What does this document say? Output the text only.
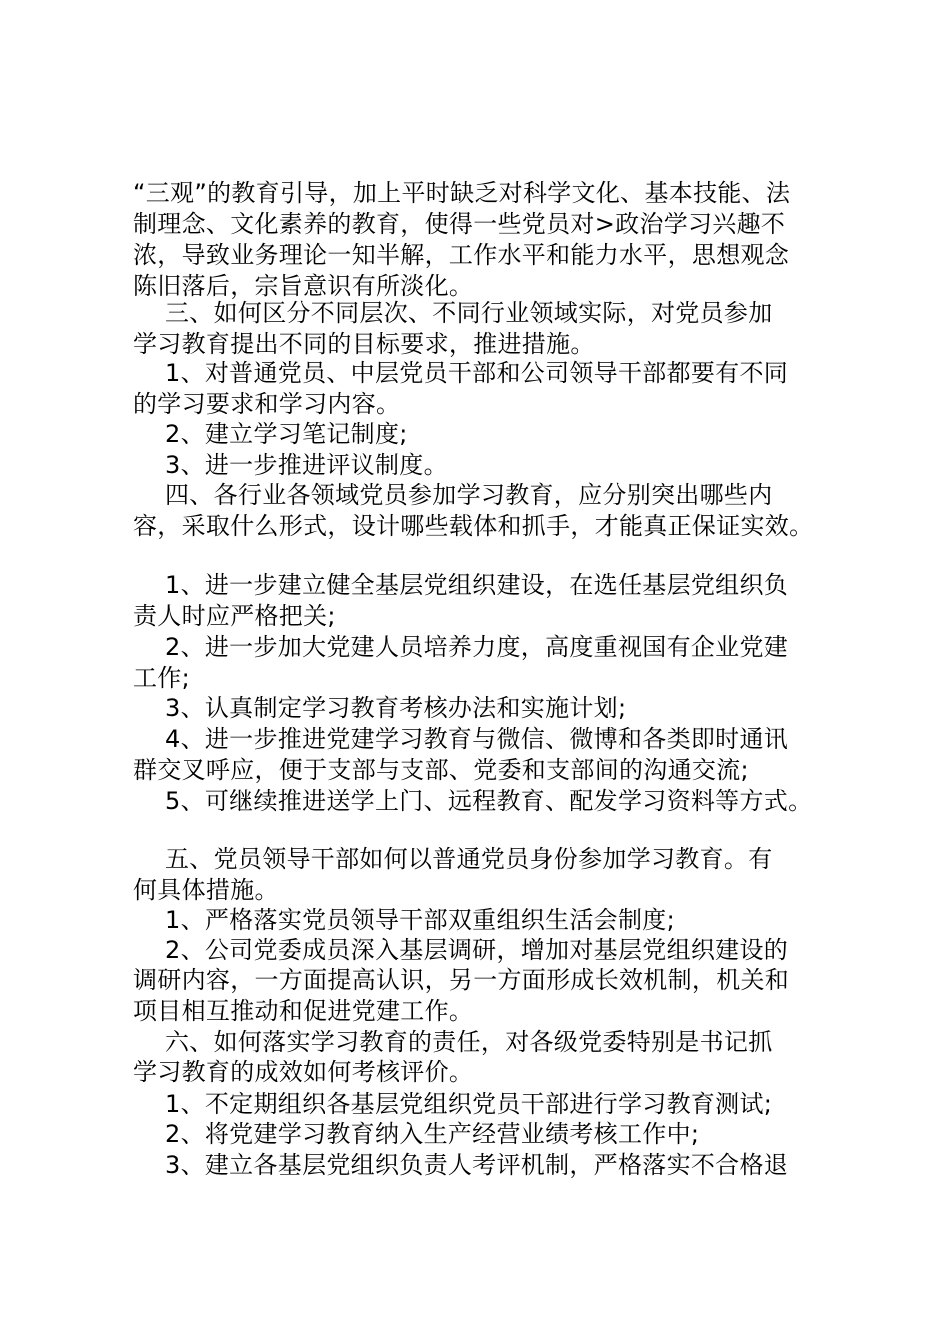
“三观”的教育引导，加上平时缺乏对科学文化、基本技能、法
制理念、文化素养的教育，使得一些党员对>政治学习兴趣不
浓，导致业务理论一知半解，工作水平和能力水平，思想观念
陈旧落后，宗旨意识有所淡化。
三、如何区分不同层次、不同行业领域实际，对党员参加
学习教育提出不同的目标要求，推进措施。
1、对普通党员、中层党员干部和公司领导干部都要有不同
的学习要求和学习内容。
2、建立学习笔记制度;
3、进一步推进评议制度。
四、各行业各领域党员参加学习教育，应分别突出哪些内
容，采取什么形式，设计哪些载体和抓手，才能真正保证实效。
1、进一步建立健全基层党组织建设，在选任基层党组织负
责人时应严格把关;
2、进一步加大党建人员培养力度，高度重视国有企业党建
工作;
3、认真制定学习教育考核办法和实施计划;
4、进一步推进党建学习教育与微信、微博和各类即时通讯
群交叉呼应，便于支部与支部、党委和支部间的沟通交流;
5、可继续推进送学上门、远程教育、配发学习资料等方式。
五、党员领导干部如何以普通党员身份参加学习教育。有
何具体措施。
1、严格落实党员领导干部双重组织生活会制度;
2、公司党委成员深入基层调研，增加对基层党组织建设的
调研内容，一方面提高认识，另一方面形成长效机制，机关和
项目相互推动和促进党建工作。
六、如何落实学习教育的责任，对各级党委特别是书记抓
学习教育的成效如何考核评价。
1、不定期组织各基层党组织党员干部进行学习教育测试;
2、将党建学习教育纳入生产经营业绩考核工作中;
3、建立各基层党组织负责人考评机制，严格落实不合格退
